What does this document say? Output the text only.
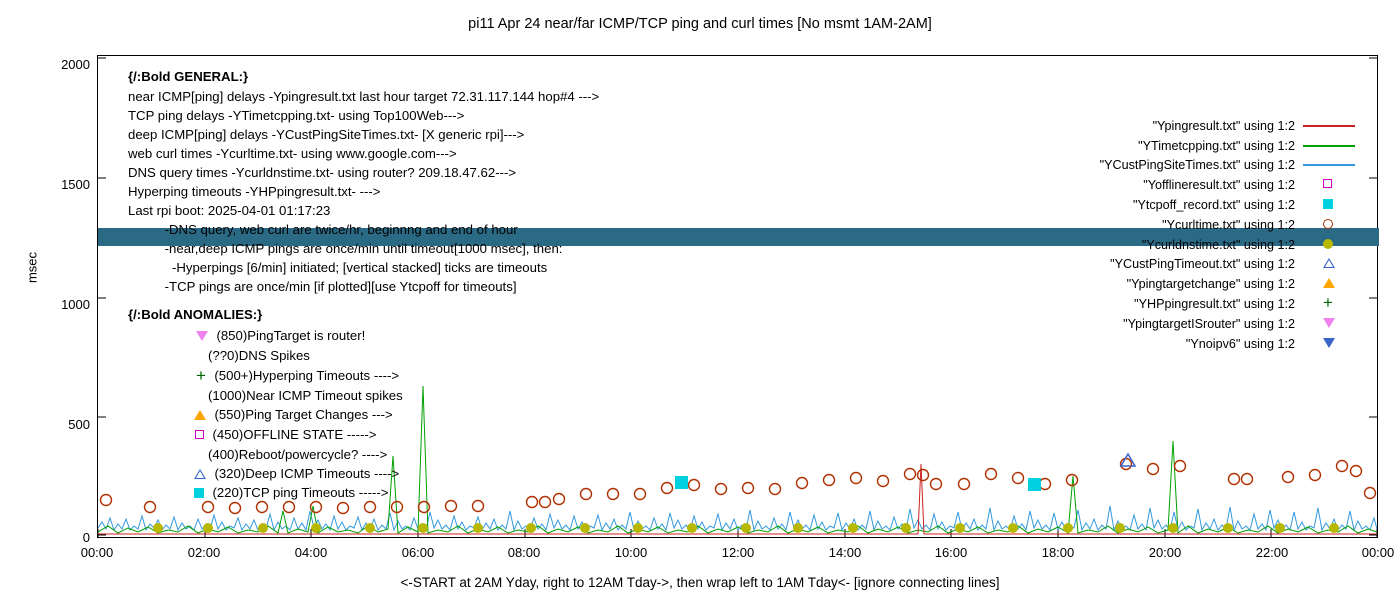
pi11 Apr 24 near/far ICMP/TCP ping and curl times [No msmt 1AM-2AM]
msec
2000
1500
1000
500
0
00:00	02:00	04:00	06:00	08:00	10:00	12:00	14:00	16:00	18:00	20:00	22:00	00:00
<-START at 2AM Yday, right to 12AM Tday->, then wrap left to 1AM Tday<- [ignore connecting lines]
{/:Bold GENERAL:}
near ICMP[ping] delays -Ypingresult.txt last hour target 72.31.117.144 hop#4 --->
TCP ping delays -YTimetcpping.txt- using Top100Web--->
deep ICMP[ping] delays -YCustPingSiteTimes.txt- [X generic rpi]--->
web curl times -Ycurltime.txt- using www.google.com--->
DNS query times -Ycurldnstime.txt- using router? 209.18.47.62--->
Hyperping timeouts -YHPpingresult.txt- --->
Last rpi boot: 2025-04-01 01:17:23
-DNS query, web curl are twice/hr, beginnng and end of hour
-near,deep ICMP pings are once/min until timeout[1000 msec], then:
-Hyperpings [6/min] initiated; [vertical stacked] ticks are timeouts
-TCP pings are once/min [if plotted][use Ytcpoff for timeouts]
{/:Bold ANOMALIES:}
(850)PingTarget is router!
(??0)DNS Spikes
+ (500+)Hyperping Timeouts ---->
(1000)Near ICMP Timeout spikes
(550)Ping Target Changes --->
(450)OFFLINE STATE ----->
(400)Reboot/powercycle? ---->
(320)Deep ICMP Timeouts ---->
(220)TCP ping Timeouts ----->
"Ypingresult.txt" using 1:2
"YTimetcpping.txt" using 1:2
"YCustPingSiteTimes.txt" using 1:2
"Yofflineresult.txt" using 1:2
"Ytcpoff_record.txt" using 1:2
"Ycurltime.txt" using 1:2
"Ycurldnstime.txt" using 1:2
"YCustPingTimeout.txt" using 1:2
"Ypingtargetchange" using 1:2
"YHPpingresult.txt" using 1:2	+
"YpingtargetISrouter" using 1:2
"Ynoipv6" using 1:2
